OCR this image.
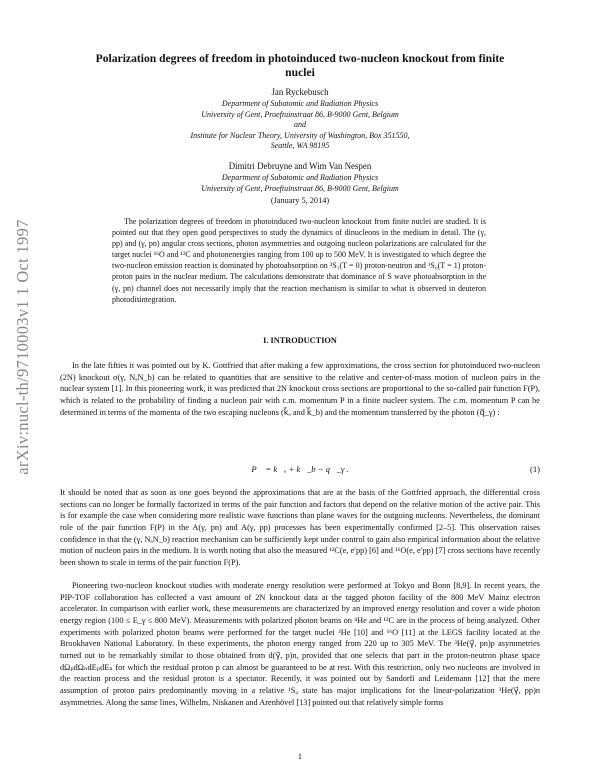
arXiv:nucl-th/9710003v1 1 Oct 1997
Polarization degrees of freedom in photoinduced two-nucleon knockout from finite
nuclei
Jan Ryckebusch
Department of Subatomic and Radiation Physics
University of Gent, Proeftuinstraat 86, B-9000 Gent, Belgium
and
Institute for Nuclear Theory, University of Washington, Box 351550,
Seattle, WA 98195
Dimitri Debruyne and Wim Van Nespen
Department of Subatomic and Radiation Physics
University of Gent, Proeftuinstraat 86, B-9000 Gent, Belgium
(January 5, 2014)

The polarization degrees of freedom in photoinduced two-nucleon knockout from finite nuclei are studied. It is pointed out that they open good perspectives to study the dynamics of dinucleons in the medium in detail. The (γ, pp) and (γ, pn) angular cross sections, photon asymmetries and outgoing nucleon polarizations are calculated for the target nuclei ¹⁶O and ¹²C and photonenergies ranging from 100 up to 500 MeV. It is investigated to which degree the two-nucleon emission reaction is dominated by photoabsorption on ³S₁(T = 0) proton-neutron and ¹S₀(T = 1) proton-proton pairs in the nuclear medium. The calculations demonstrate that dominance of S wave photoabsorption in the (γ, pn) channel does not necessarily imply that the reaction mechanism is similar to what is observed in deuteron photodisintegration.

I. INTRODUCTION

In the late fifties it was pointed out by K. Gottfried that after making a few approximations, the cross section for photoinduced two-nucleon (2N) knockout σ(γ, NₐN_b) can be related to quantities that are sensitive to the relative and center-of-mass motion of nucleon pairs in the nuclear system [1]. In this pioneering work, it was predicted that 2N knockout cross sections are proportional to the so-called pair function F(P), which is related to the probability of finding a nucleon pair with c.m. momentum P in a finite nucleer system. The c.m. momentum P can be determined in terms of the momenta of the two escaping nucleons (k⃗ₐ and k⃗_b) and the momentum transferred by the photon (q⃗_γ) :

P⃗ = k⃗ₐ + k⃗_b − q⃗_γ .	(1)

It should be noted that as soon as one goes beyond the approximations that are at the basis of the Gottfried approach, the differential cross sections can no longer be formally factorized in terms of the pair function and factors that depend on the relative motion of the active pair. This is for example the case when considering more realistic wave functions than plane waves for the outgoing nucleons. Nevertheless, the dominant role of the pair function F(P) in the A(γ, pn) and A(γ, pp) processes has been experimentally confirmed [2–5]. This observation raises confidence in that the (γ, NₐN_b) reaction mechanism can be sufficiently kept under control to gain also empirical information about the relative motion of nucleon pairs in the medium. It is worth noting that also the measured ¹²C(e, e′pp) [6] and ¹⁶O(e, e′pp) [7] cross sections have recently been shown to scale in terms of the pair function F(P).

Pioneering two-nucleon knockout studies with moderate energy resolution were performed at Tokyo and Bonn [8,9]. In recent years, the PIP-TOF collaboration has collected a vast amount of 2N knockout data at the tagged photon facility of the 800 MeV Mainz electron accelerator. In comparison with earlier work, these measurements are characterized by an improved energy resolution and cover a wide photon energy region (100 ≤ E_γ ≤ 800 MeV). Measurements with polarized photon beams on ⁴He and ¹²C are in the process of being analyzed. Other experiments with polarized photon beams were performed for the target nuclei ³He [10] and ¹⁶O [11] at the LEGS facility located at the Brookhaven National Laboratory. In these experiments, the photon energy ranged from 220 up to 305 MeV. The ³He(γ⃗, pn)p asymmetries turned out to be remarkably similar to those obtained from d(γ⃗, p)n, provided that one selects that part in the proton-neutron phase space dΩₚdΩₙdEₚdEₙ for which the residual proton p can almost be guaranteed to be at rest. With this restriction, only two nucleons are involved in the reaction process and the residual proton is a spectator. Recently, it was pointed out by Sandorfi and Leidemann [12] that the mere assumption of proton pairs predominantly moving in a relative ¹S₀ state has major implications for the linear-polarization ³He(γ⃗, pp)n asymmetries. Along the same lines, Wilhelm, Niskanen and Arenhövel [13] pointed out that relatively simple forms

1
